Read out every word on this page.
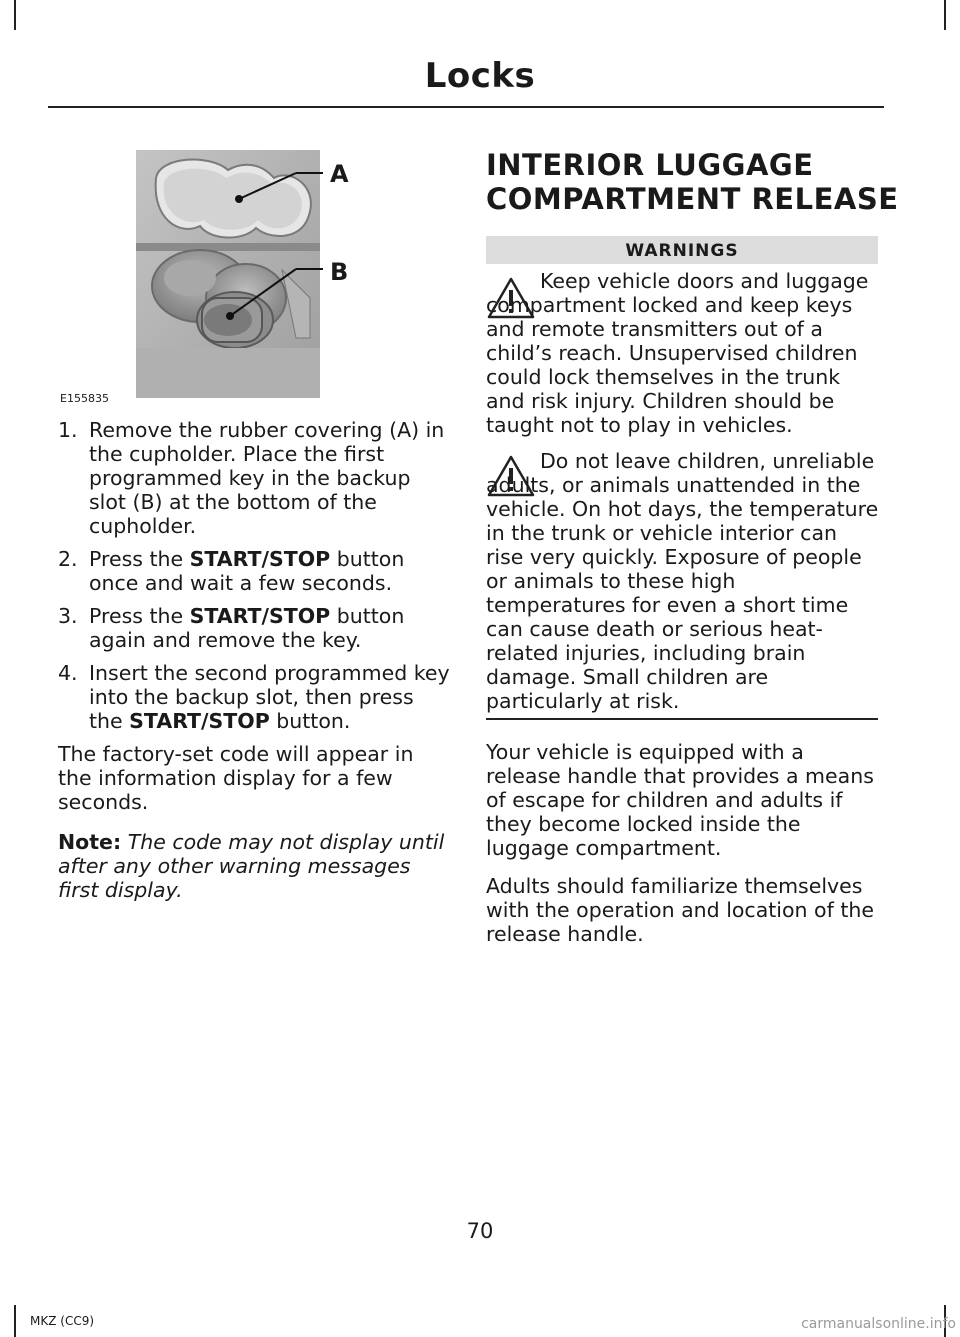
Locks
A
B
E155835
1. Remove the rubber covering (A) in the cupholder. Place the first programmed key in the backup slot (B) at the bottom of the cupholder.
2. Press the START/STOP button once and wait a few seconds.
3. Press the START/STOP button again and remove the key.
4. Insert the second programmed key into the backup slot, then press the START/STOP button.

The factory-set code will appear in the information display for a few seconds.

Note: The code may not display until after any other warning messages first display.

INTERIOR LUGGAGE
COMPARTMENT RELEASE
WARNINGS

Keep vehicle doors and luggage compartment locked and keep keys and remote transmitters out of a child’s reach. Unsupervised children could lock themselves in the trunk and risk injury. Children should be taught not to play in vehicles.

Do not leave children, unreliable adults, or animals unattended in the vehicle. On hot days, the temperature in the trunk or vehicle interior can rise very quickly. Exposure of people or animals to these high temperatures for even a short time can cause death or serious heat-related injuries, including brain damage. Small children are particularly at risk.

Your vehicle is equipped with a release handle that provides a means of escape for children and adults if they become locked inside the luggage compartment.

Adults should familiarize themselves with the operation and location of the release handle.

70
MKZ (CC9)	carmanualsonline.info
